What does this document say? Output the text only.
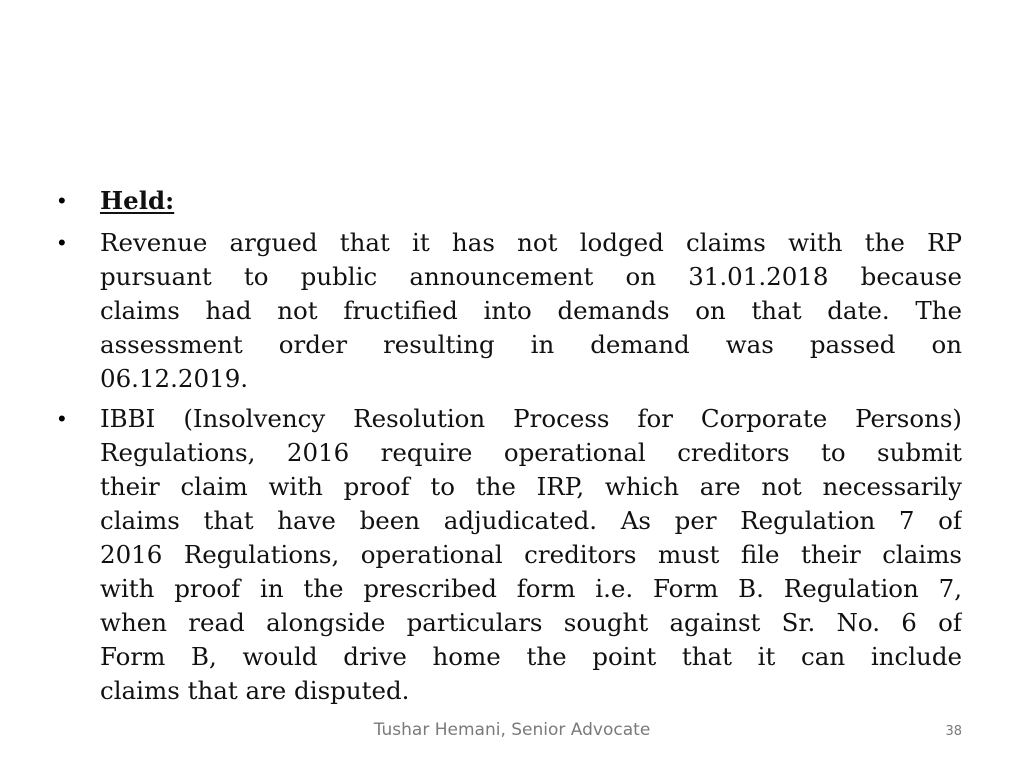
• Held:
• Revenue argued that it has not lodged claims with the RP
pursuant to public announcement on 31.01.2018 because
claims had not fructified into demands on that date. The
assessment order resulting in demand was passed on
06.12.2019.
• IBBI (Insolvency Resolution Process for Corporate Persons)
Regulations, 2016 require operational creditors to submit
their claim with proof to the IRP, which are not necessarily
claims that have been adjudicated. As per Regulation 7 of
2016 Regulations, operational creditors must file their claims
with proof in the prescribed form i.e. Form B. Regulation 7,
when read alongside particulars sought against Sr. No. 6 of
Form B, would drive home the point that it can include
claims that are disputed.
Tushar Hemani, Senior Advocate	38
